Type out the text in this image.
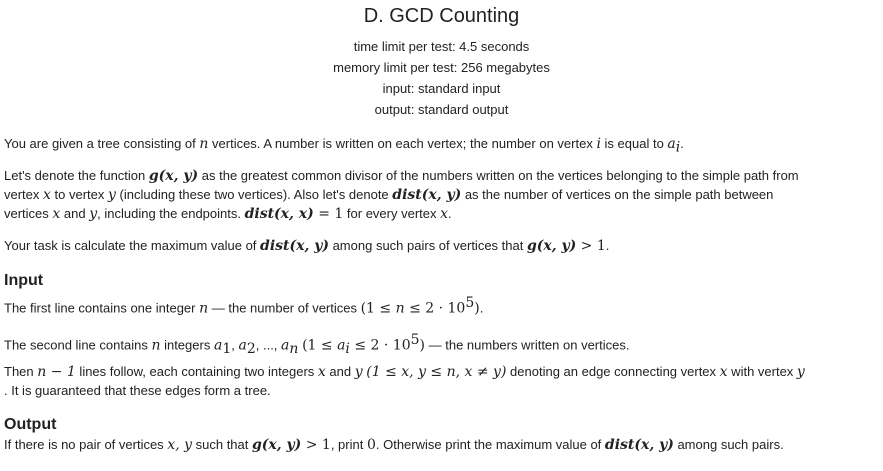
D. GCD Counting
time limit per test: 4.5 seconds
memory limit per test: 256 megabytes
input: standard input
output: standard output
You are given a tree consisting of n vertices. A number is written on each vertex; the number on vertex i is equal to $a_i$.
Let's denote the function g(x, y) as the greatest common divisor of the numbers written on the vertices belonging to the simple path from
vertex x to vertex y (including these two vertices). Also let's denote dist(x, y) as the number of vertices on the simple path between
vertices x and y, including the endpoints. dist(x, x) = 1 for every vertex x.
Your task is calculate the maximum value of dist(x, y) among such pairs of vertices that g(x, y) > 1.
Input
The first line contains one integer n — the number of vertices $(1 \le n \le 2 \cdot 10^5)$.
The second line contains n integers $a_1$, $a_2$, ..., $a_n$ $(1 \le a_i \le 2 \cdot 10^5)$ — the numbers written on vertices.
Then n − 1 lines follow, each containing two integers x and y (1 ≤ x, y ≤ n, x ≠ y) denoting an edge connecting vertex x with vertex y
. It is guaranteed that these edges form a tree.
Output
If there is no pair of vertices x, y such that g(x, y) > 1, print 0. Otherwise print the maximum value of dist(x, y) among such pairs.
